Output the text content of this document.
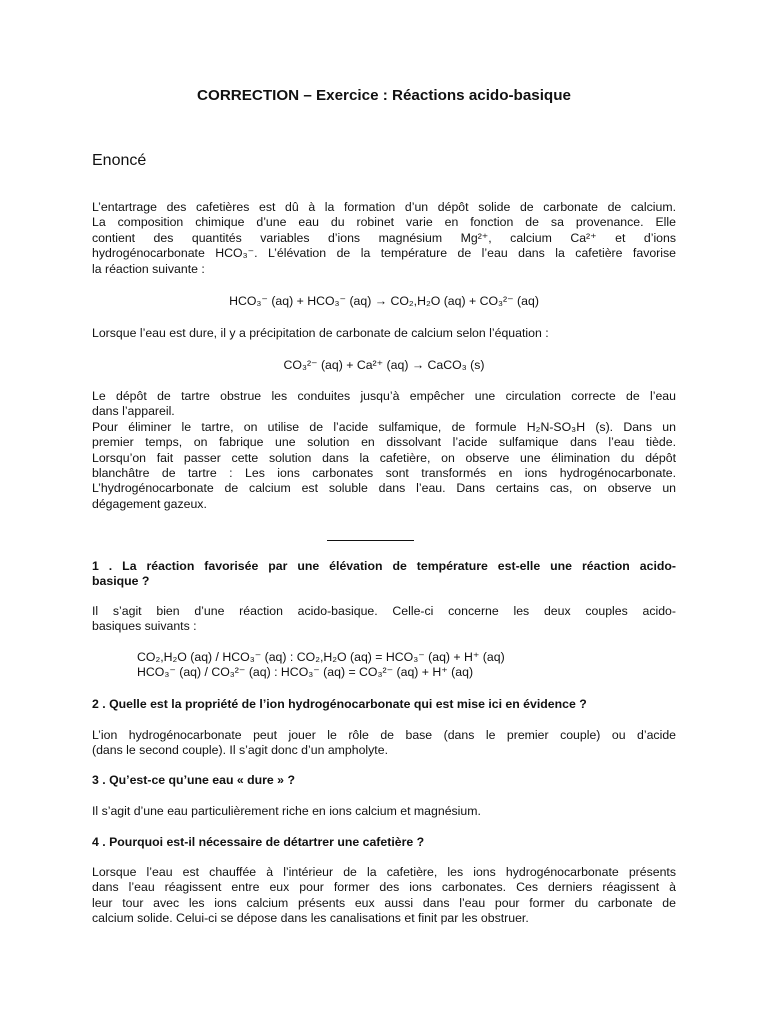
CORRECTION – Exercice : Réactions acido-basique
Enoncé
L’entartrage des cafetières est dû à la formation d’un dépôt solide de carbonate de calcium.
La composition chimique d’une eau du robinet varie en fonction de sa provenance. Elle
contient des quantités variables d’ions magnésium Mg²⁺, calcium Ca²⁺ et d’ions
hydrogénocarbonate HCO₃⁻. L’élévation de la température de l’eau dans la cafetière favorise
la réaction suivante :
HCO₃⁻ (aq) + HCO₃⁻ (aq) → CO₂,H₂O (aq) + CO₃²⁻ (aq)
Lorsque l’eau est dure, il y a précipitation de carbonate de calcium selon l’équation :
CO₃²⁻ (aq) + Ca²⁺ (aq) → CaCO₃ (s)
Le dépôt de tartre obstrue les conduites jusqu’à empêcher une circulation correcte de l’eau
dans l’appareil.
Pour éliminer le tartre, on utilise de l’acide sulfamique, de formule H₂N-SO₃H (s). Dans un
premier temps, on fabrique une solution en dissolvant l’acide sulfamique dans l’eau tiède.
Lorsqu’on fait passer cette solution dans la cafetière, on observe une élimination du dépôt
blanchâtre de tartre : Les ions carbonates sont transformés en ions hydrogénocarbonate.
L’hydrogénocarbonate de calcium est soluble dans l’eau. Dans certains cas, on observe un
dégagement gazeux.
1 . La réaction favorisée par une élévation de température est-elle une réaction acido-
basique ?
Il s’agit bien d’une réaction acido-basique. Celle-ci concerne les deux couples acido-
basiques suivants :
CO₂,H₂O (aq) / HCO₃⁻ (aq) : CO₂,H₂O (aq) = HCO₃⁻ (aq) + H⁺ (aq)
HCO₃⁻ (aq) / CO₃²⁻ (aq) : HCO₃⁻ (aq) = CO₃²⁻ (aq) + H⁺ (aq)
2 . Quelle est la propriété de l’ion hydrogénocarbonate qui est mise ici en évidence ?
L’ion hydrogénocarbonate peut jouer le rôle de base (dans le premier couple) ou d’acide
(dans le second couple). Il s’agit donc d’un ampholyte.
3 . Qu’est-ce qu’une eau « dure » ?
Il s’agit d’une eau particulièrement riche en ions calcium et magnésium.
4 . Pourquoi est-il nécessaire de détartrer une cafetière ?
Lorsque l’eau est chauffée à l’intérieur de la cafetière, les ions hydrogénocarbonate présents
dans l’eau réagissent entre eux pour former des ions carbonates. Ces derniers réagissent à
leur tour avec les ions calcium présents eux aussi dans l’eau pour former du carbonate de
calcium solide. Celui-ci se dépose dans les canalisations et finit par les obstruer.
